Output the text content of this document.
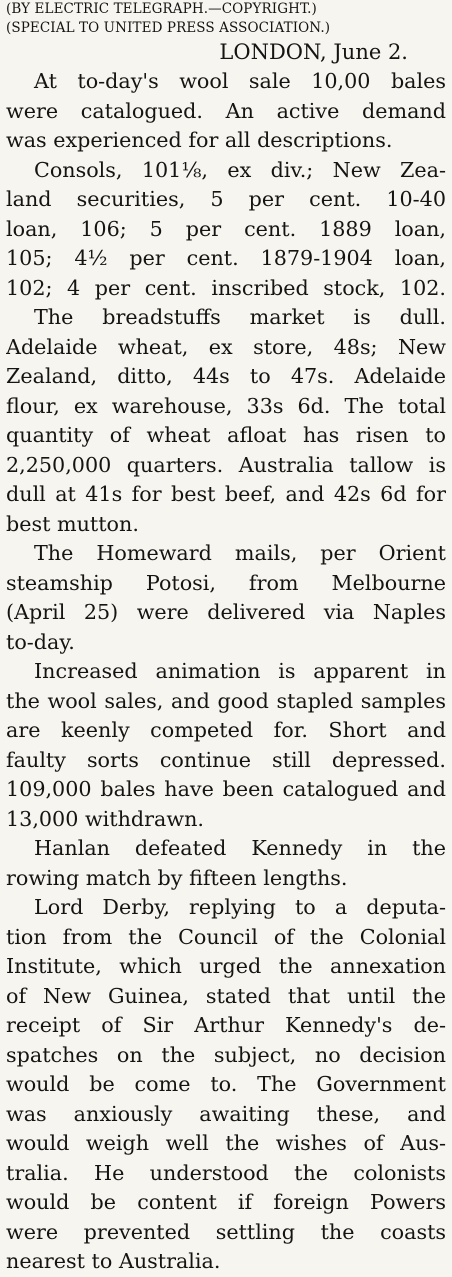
(BY ELECTRIC TELEGRAPH.—COPYRIGHT.)
(SPECIAL TO UNITED PRESS ASSOCIATION.)
LONDON, June 2.
At to-day's wool sale 10,00 bales
were catalogued. An active demand
was experienced for all descriptions.
Consols, 101⅛, ex div.; New Zea-
land securities, 5 per cent. 10-40
loan, 106; 5 per cent. 1889 loan,
105; 4½ per cent. 1879-1904 loan,
102; 4 per cent. inscribed stock, 102.
The breadstuffs market is dull.
Adelaide wheat, ex store, 48s; New
Zealand, ditto, 44s to 47s. Adelaide
flour, ex warehouse, 33s 6d. The total
quantity of wheat afloat has risen to
2,250,000 quarters. Australia tallow is
dull at 41s for best beef, and 42s 6d for
best mutton.
The Homeward mails, per Orient
steamship Potosi, from Melbourne
(April 25) were delivered via Naples
to-day.
Increased animation is apparent in
the wool sales, and good stapled samples
are keenly competed for. Short and
faulty sorts continue still depressed.
109,000 bales have been catalogued and
13,000 withdrawn.
Hanlan defeated Kennedy in the
rowing match by fifteen lengths.
Lord Derby, replying to a deputa-
tion from the Council of the Colonial
Institute, which urged the annexation
of New Guinea, stated that until the
receipt of Sir Arthur Kennedy's de-
spatches on the subject, no decision
would be come to. The Government
was anxiously awaiting these, and
would weigh well the wishes of Aus-
tralia. He understood the colonists
would be content if foreign Powers
were prevented settling the coasts
nearest to Australia.
